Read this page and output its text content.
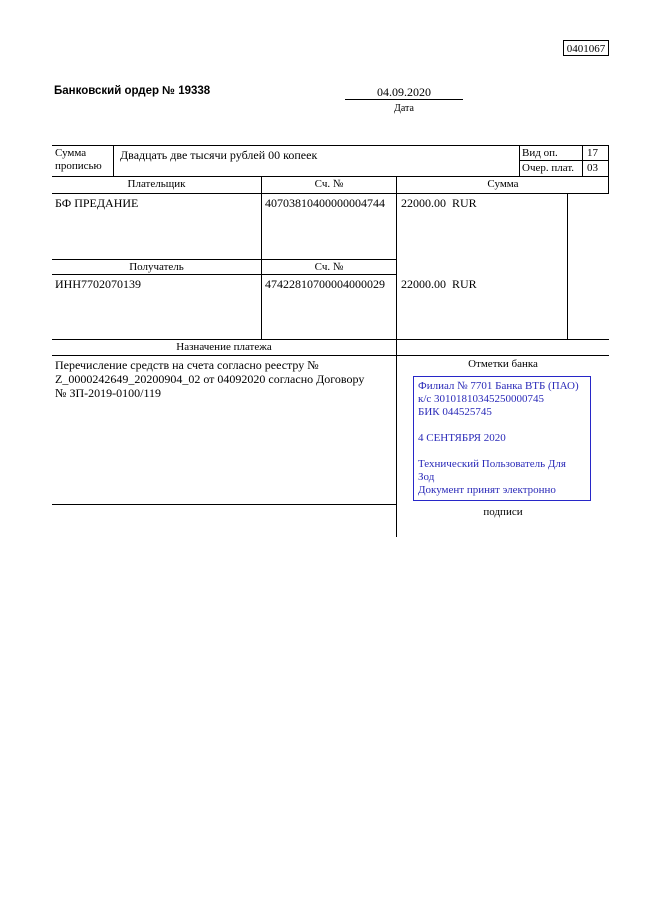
0401067
Банковский ордер № 19338	04.09.2020
Дата
Сумма
прописью
Двадцать две тысячи рублей 00 копеек	Вид оп.	17
Очер. плат. 03
Плательщик	Сч. №	Сумма
БФ ПРЕДАНИЕ	40703810400000004744 22000.00  RUR
Получатель	Сч. №
ИНН7702070139	47422810700004000029 22000.00  RUR
Назначение платежа
Перечисление средств на счета согласно реестру №
Z_0000242649_20200904_02 от 04092020 согласно Договору
№ ЗП-2019-0100/119
Отметки банка
Филиал № 7701 Банка ВТБ (ПАО)
к/с 30101810345250000745
БИК 044525745

4 СЕНТЯБРЯ 2020

Технический Пользователь Для
Зод
Документ принят электронно
подписи
